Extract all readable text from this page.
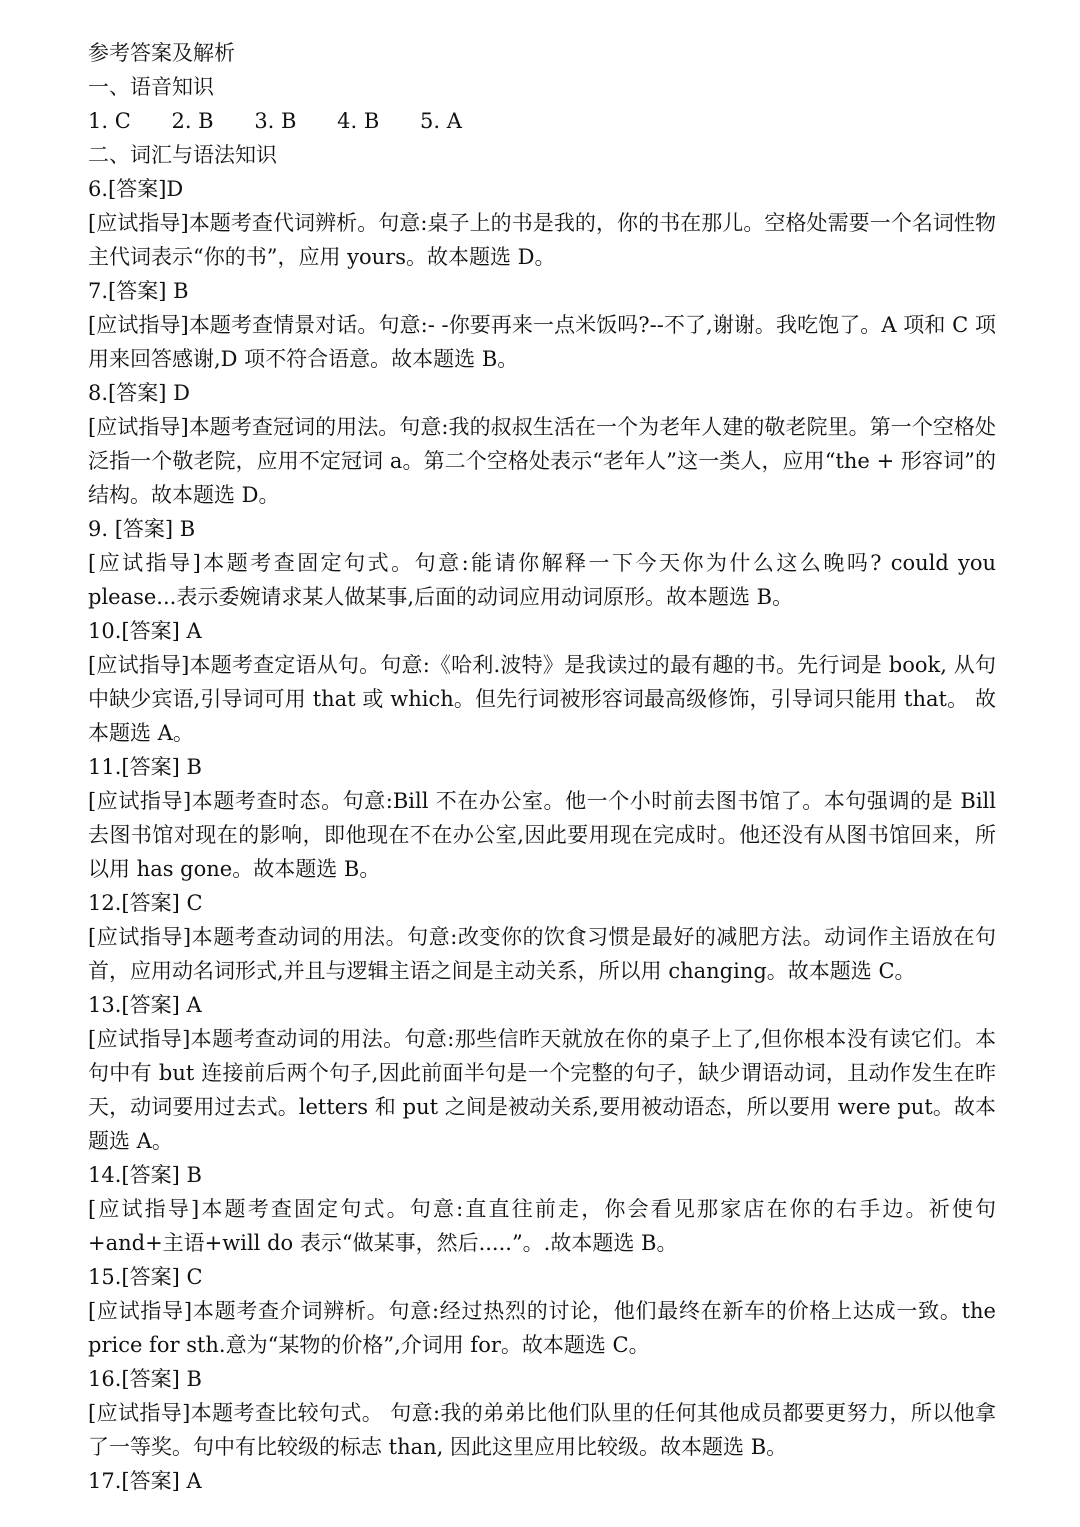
参考答案及解析
一、语音知识
1. C 2. B 3. B 4. B 5. A
二、词汇与语法知识
6.[答案]D

[应试指导]本题考查代词辨析。句意:桌子上的书是我的，你的书在那儿。空格处需要一个名词性物主代词表示“你的书”，应用 yours。故本题选 D。

7.[答案] B

[应试指导]本题考查情景对话。句意:- -你要再来一点米饭吗?--不了,谢谢。我吃饱了。A 项和 C 项用来回答感谢,D 项不符合语意。故本题选 B。

8.[答案] D

[应试指导]本题考查冠词的用法。句意:我的叔叔生活在一个为老年人建的敬老院里。第一个空格处泛指一个敬老院，应用不定冠词 a。第二个空格处表示“老年人”这一类人，应用“the + 形容词”的结构。故本题选 D。

9. [答案] B

[应试指导]本题考查固定句式。句意:能请你解释一下今天你为什么这么晚吗? could you please...表示委婉请求某人做某事,后面的动词应用动词原形。故本题选 B。

10.[答案] A

[应试指导]本题考查定语从句。句意:《哈利.波特》是我读过的最有趣的书。先行词是 book, 从句中缺少宾语,引导词可用 that 或 which。但先行词被形容词最高级修饰，引导词只能用 that。 故本题选 A。

11.[答案] B

[应试指导]本题考查时态。句意:Bill 不在办公室。他一个小时前去图书馆了。本句强调的是 Bill 去图书馆对现在的影响，即他现在不在办公室,因此要用现在完成时。他还没有从图书馆回来，所以用 has gone。故本题选 B。

12.[答案] C

[应试指导]本题考查动词的用法。句意:改变你的饮食习惯是最好的减肥方法。动词作主语放在句首，应用动名词形式,并且与逻辑主语之间是主动关系，所以用 changing。故本题选 C。

13.[答案] A

[应试指导]本题考查动词的用法。句意:那些信昨天就放在你的桌子上了,但你根本没有读它们。本句中有 but 连接前后两个句子,因此前面半句是一个完整的句子，缺少谓语动词，且动作发生在昨天，动词要用过去式。letters 和 put 之间是被动关系,要用被动语态，所以要用 were put。故本题选 A。

14.[答案] B

[应试指导]本题考查固定句式。句意:直直往前走，你会看见那家店在你的右手边。祈使句+and+主语+will do 表示“做某事，然后.....”。.故本题选 B。

15.[答案] C

[应试指导]本题考查介词辨析。句意:经过热烈的讨论，他们最终在新车的价格上达成一致。the price for sth.意为“某物的价格”,介词用 for。故本题选 C。

16.[答案] B

[应试指导]本题考查比较句式。 句意:我的弟弟比他们队里的任何其他成员都要更努力，所以他拿了一等奖。句中有比较级的标志 than, 因此这里应用比较级。故本题选 B。

17.[答案] A
